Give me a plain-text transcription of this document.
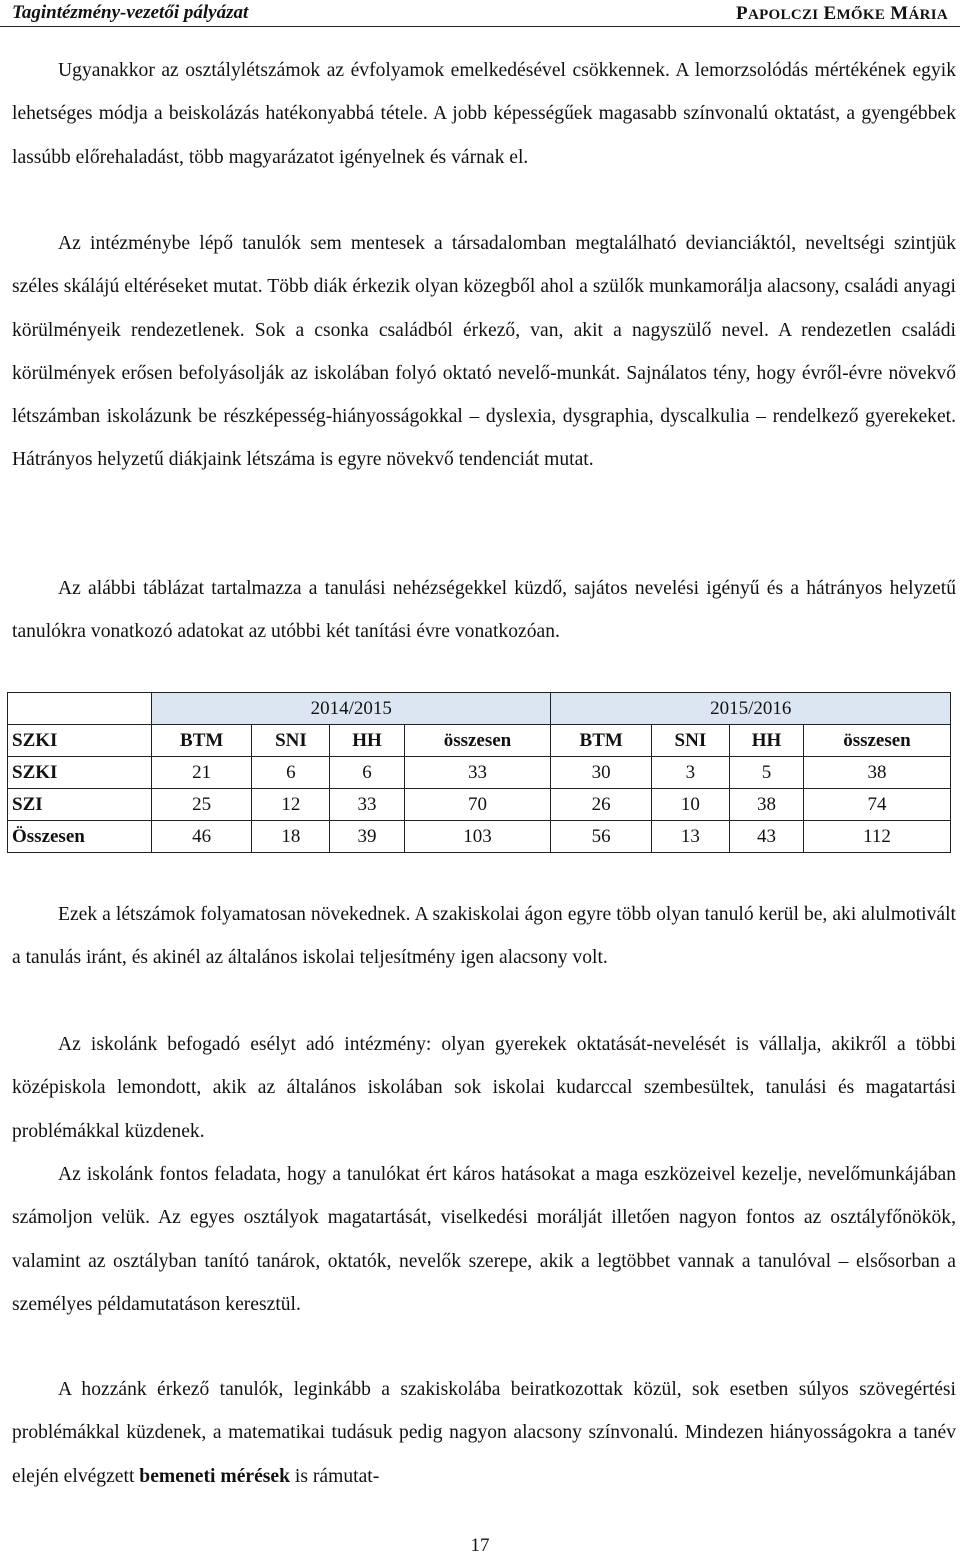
Tagintézmény-vezetői pályázat	PAPOLCZI EMŐKE MÁRIA

Ugyanakkor az osztálylétszámok az évfolyamok emelkedésével csökkennek. A lemorzsolódás mértékének egyik lehetséges módja a beiskolázás hatékonyabbá tétele. A jobb képességűek magasabb színvonalú oktatást, a gyengébbek lassúbb előrehaladást, több magyarázatot igényelnek és várnak el.

Az intézménybe lépő tanulók sem mentesek a társadalomban megtalálható devianciáktól, neveltségi szintjük széles skálájú eltéréseket mutat. Több diák érkezik olyan közegből ahol a szülők munkamorálja alacsony, családi anyagi körülményeik rendezetlenek. Sok a csonka családból érkező, van, akit a nagyszülő nevel. A rendezetlen családi körülmények erősen befolyásolják az iskolában folyó oktató nevelő-munkát. Sajnálatos tény, hogy évről-évre növekvő létszámban iskolázunk be részképesség-hiányosságokkal – dyslexia, dysgraphia, dyscalkulia – rendelkező gyerekeket. Hátrányos helyzetű diákjaink létszáma is egyre növekvő tendenciát mutat.

Az alábbi táblázat tartalmazza a tanulási nehézségekkel küzdő, sajátos nevelési igényű és a hátrányos helyzetű tanulókra vonatkozó adatokat az utóbbi két tanítási évre vonatkozóan.

	2014/2015				2015/2016			
SZKI	BTM	SNI	HH	összesen	BTM	SNI	HH	összesen
SZKI	21	6	6	33	30	3	5	38
SZI	25	12	33	70	26	10	38	74
Összesen	46	18	39	103	56	13	43	112

Ezek a létszámok folyamatosan növekednek. A szakiskolai ágon egyre több olyan tanuló kerül be, aki alulmotivált a tanulás iránt, és akinél az általános iskolai teljesítmény igen alacsony volt.

Az iskolánk befogadó esélyt adó intézmény: olyan gyerekek oktatását-nevelését is vállalja, akikről a többi középiskola lemondott, akik az általános iskolában sok iskolai kudarccal szembesültek, tanulási és magatartási problémákkal küzdenek.

Az iskolánk fontos feladata, hogy a tanulókat ért káros hatásokat a maga eszközeivel kezelje, nevelőmunkájában számoljon velük. Az egyes osztályok magatartását, viselkedési morálját illetően nagyon fontos az osztályfőnökök, valamint az osztályban tanító tanárok, oktatók, nevelők szerepe, akik a legtöbbet vannak a tanulóval – elsősorban a személyes példamutatáson keresztül.

A hozzánk érkező tanulók, leginkább a szakiskolába beiratkozottak közül, sok esetben súlyos szövegértési problémákkal küzdenek, a matematikai tudásuk pedig nagyon alacsony színvonalú. Mindezen hiányosságokra a tanév elején elvégzett bemeneti mérések is rámutat-

17
